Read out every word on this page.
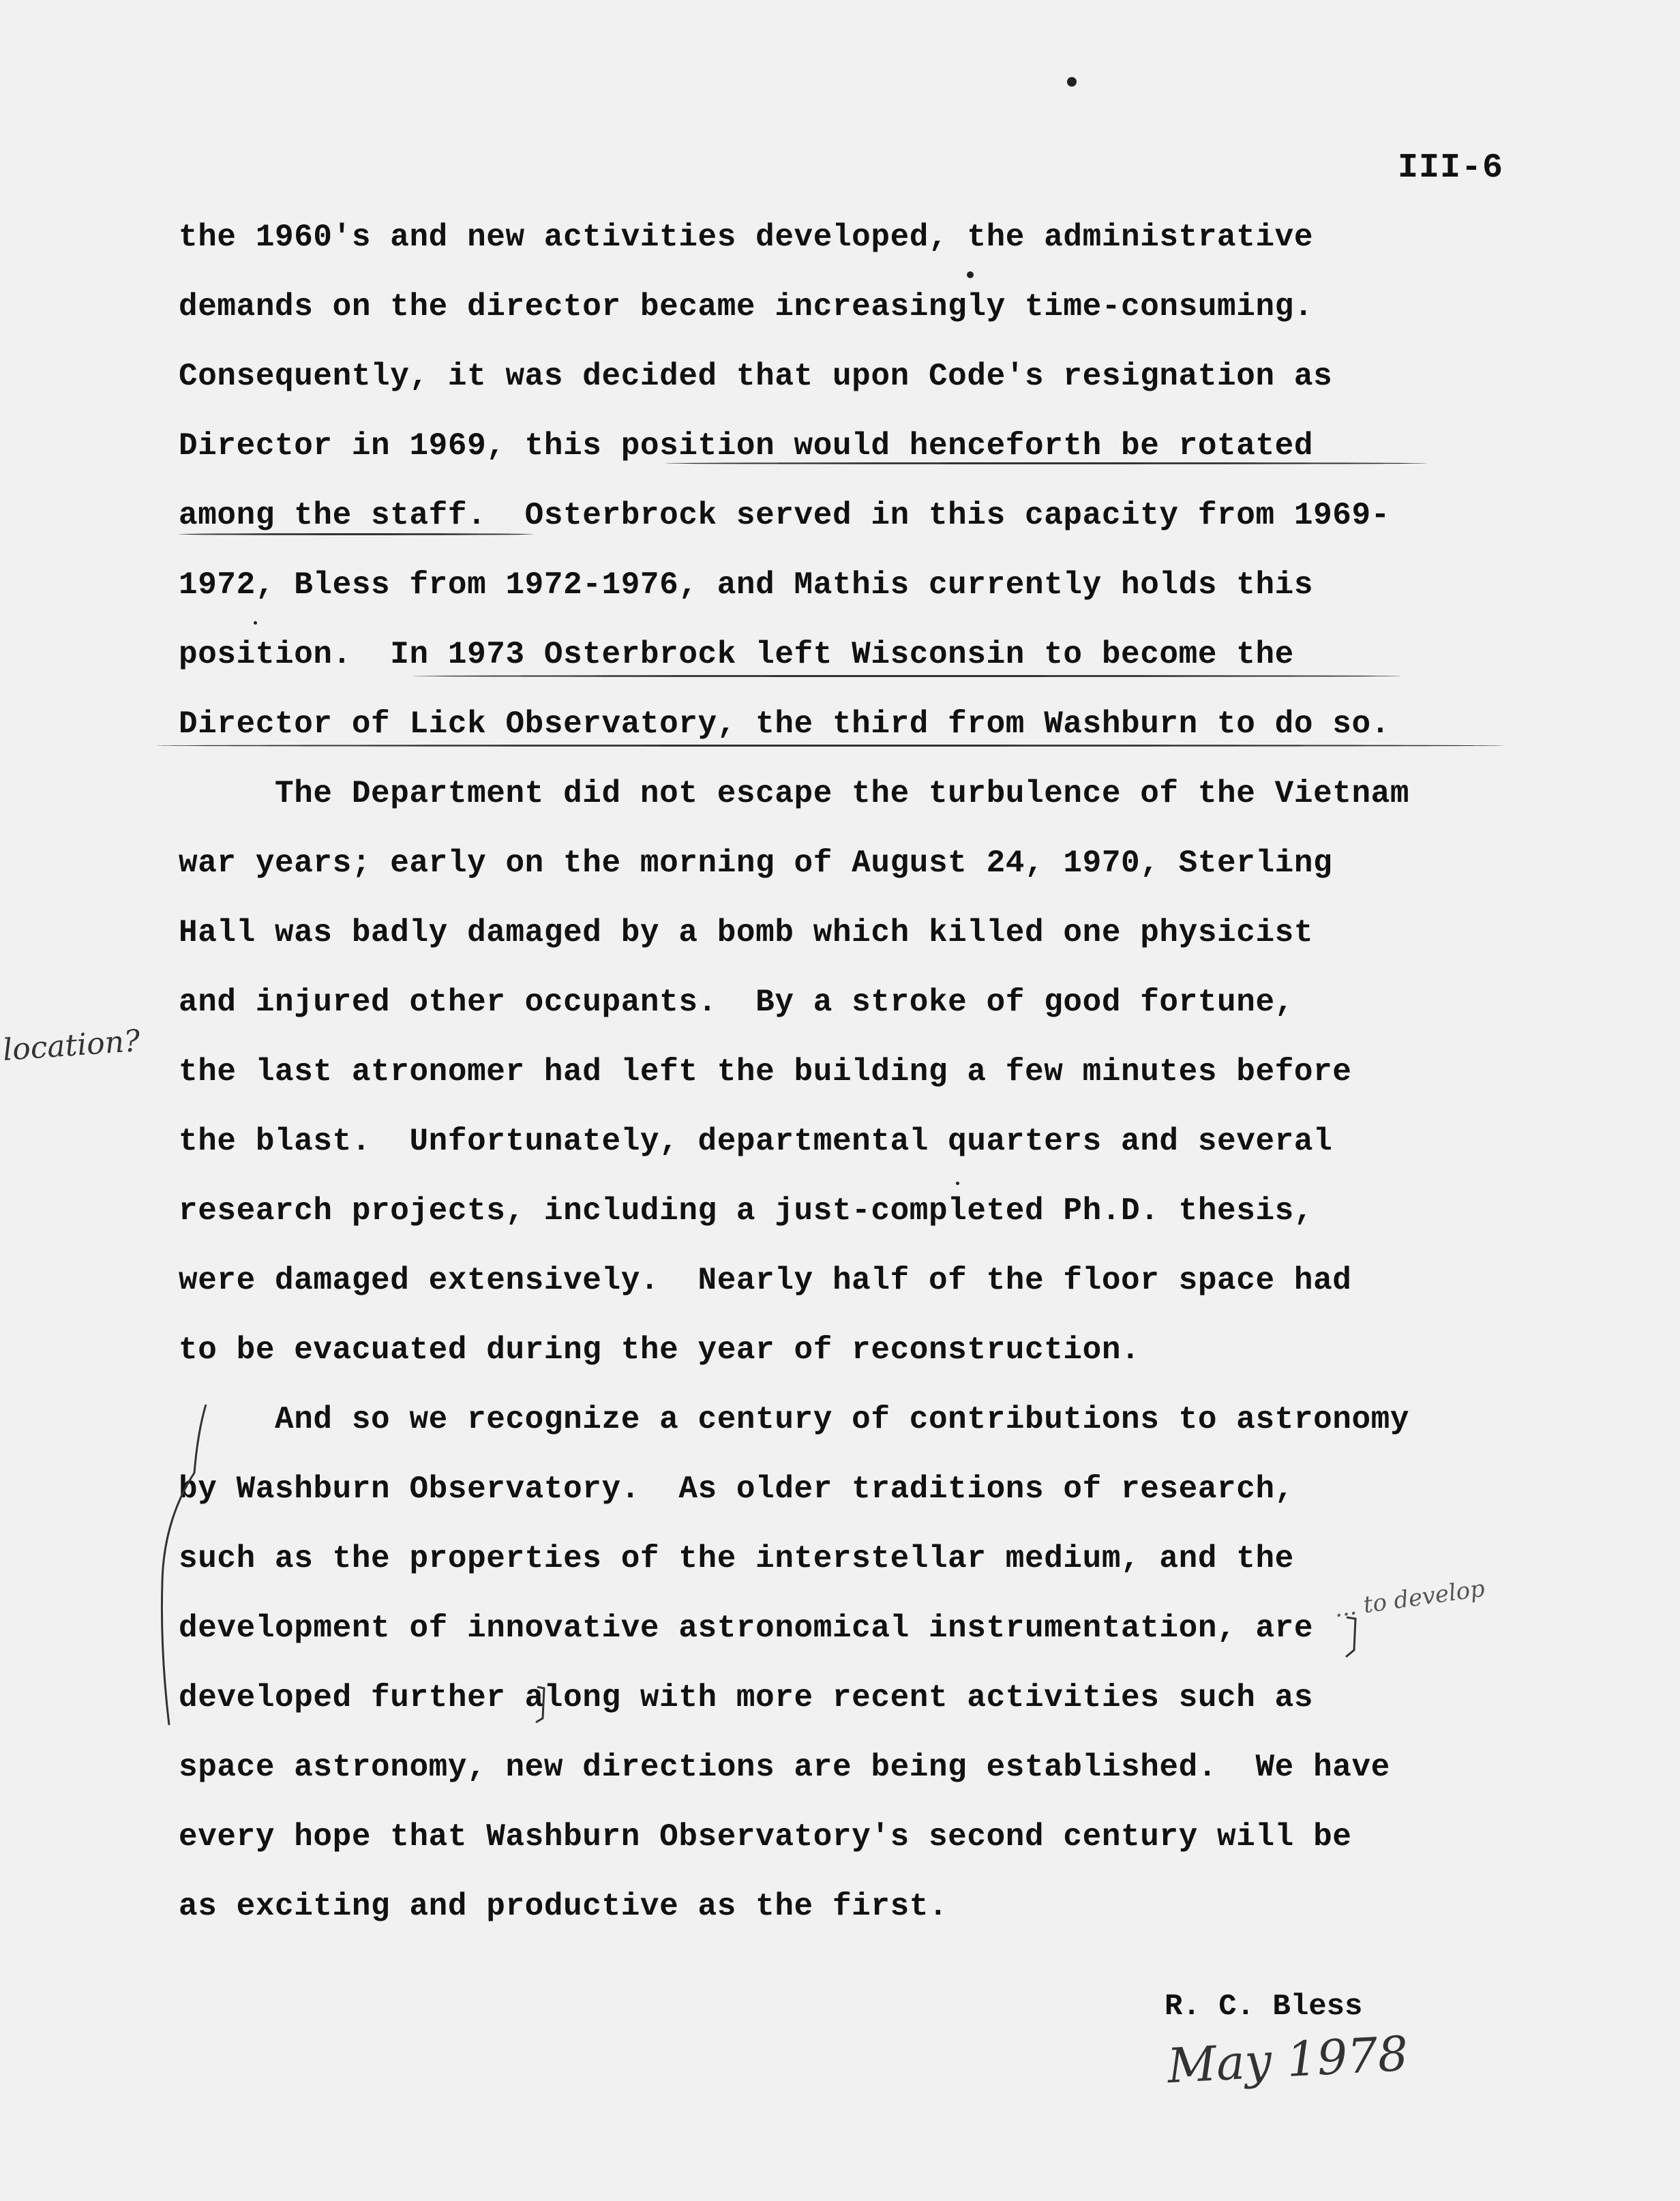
III-6
the 1960's and new activities developed, the administrative
demands on the director became increasingly time-consuming.
Consequently, it was decided that upon Code's resignation as
Director in 1969, this position would henceforth be rotated
among the staff.  Osterbrock served in this capacity from 1969-
1972, Bless from 1972-1976, and Mathis currently holds this
position.  In 1973 Osterbrock left Wisconsin to become the
Director of Lick Observatory, the third from Washburn to do so.
The Department did not escape the turbulence of the Vietnam
war years; early on the morning of August 24, 1970, Sterling
Hall was badly damaged by a bomb which killed one physicist
and injured other occupants.  By a stroke of good fortune,
the last atronomer had left the building a few minutes before
the blast.  Unfortunately, departmental quarters and several
research projects, including a just-completed Ph.D. thesis,
were damaged extensively.  Nearly half of the floor space had
to be evacuated during the year of reconstruction.
And so we recognize a century of contributions to astronomy
by Washburn Observatory.  As older traditions of research,
such as the properties of the interstellar medium, and the
development of innovative astronomical instrumentation, are
developed further along with more recent activities such as
space astronomy, new directions are being established.  We have
every hope that Washburn Observatory's second century will be
as exciting and productive as the first.
location?
... to develop
R. C. Bless
May 1978
